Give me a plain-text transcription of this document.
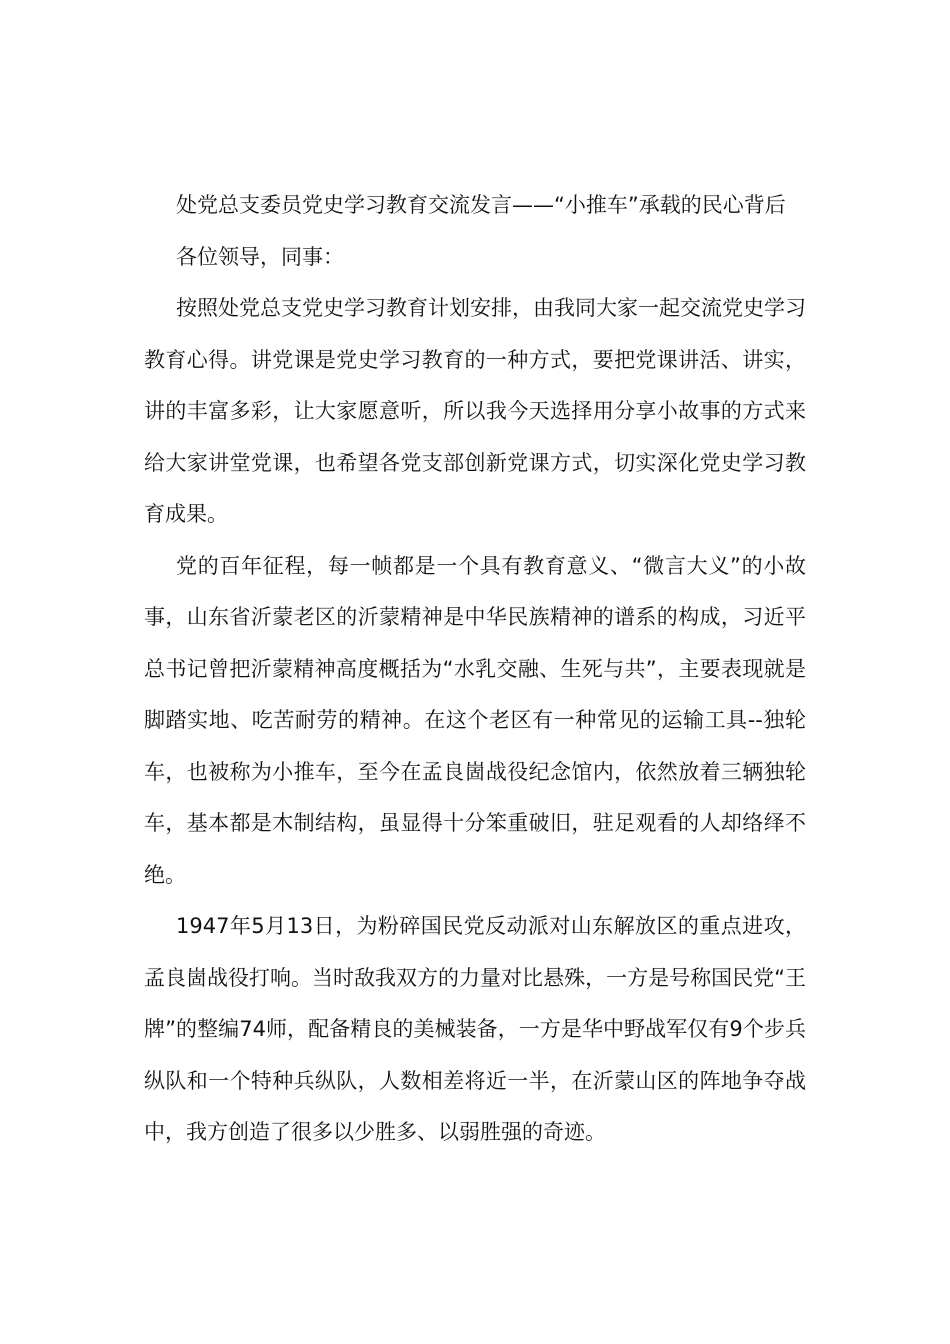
处党总支委员党史学习教育交流发言——“小推车”承载的民心背后

各位领导，同事：

按照处党总支党史学习教育计划安排，由我同大家一起交流党史学习教育心得。讲党课是党史学习教育的一种方式，要把党课讲活、讲实，讲的丰富多彩，让大家愿意听，所以我今天选择用分享小故事的方式来给大家讲堂党课，也希望各党支部创新党课方式，切实深化党史学习教育成果。

党的百年征程，每一帧都是一个具有教育意义、“微言大义”的小故事，山东省沂蒙老区的沂蒙精神是中华民族精神的谱系的构成，习近平总书记曾把沂蒙精神高度概括为“水乳交融、生死与共”，主要表现就是脚踏实地、吃苦耐劳的精神。在这个老区有一种常见的运输工具--独轮车，也被称为小推车，至今在孟良崮战役纪念馆内，依然放着三辆独轮车，基本都是木制结构，虽显得十分笨重破旧，驻足观看的人却络绎不绝。

1947年5月13日，为粉碎国民党反动派对山东解放区的重点进攻，孟良崮战役打响。当时敌我双方的力量对比悬殊，一方是号称国民党“王牌”的整编74师，配备精良的美械装备，一方是华中野战军仅有9个步兵纵队和一个特种兵纵队，人数相差将近一半，在沂蒙山区的阵地争夺战中，我方创造了很多以少胜多、以弱胜强的奇迹。
